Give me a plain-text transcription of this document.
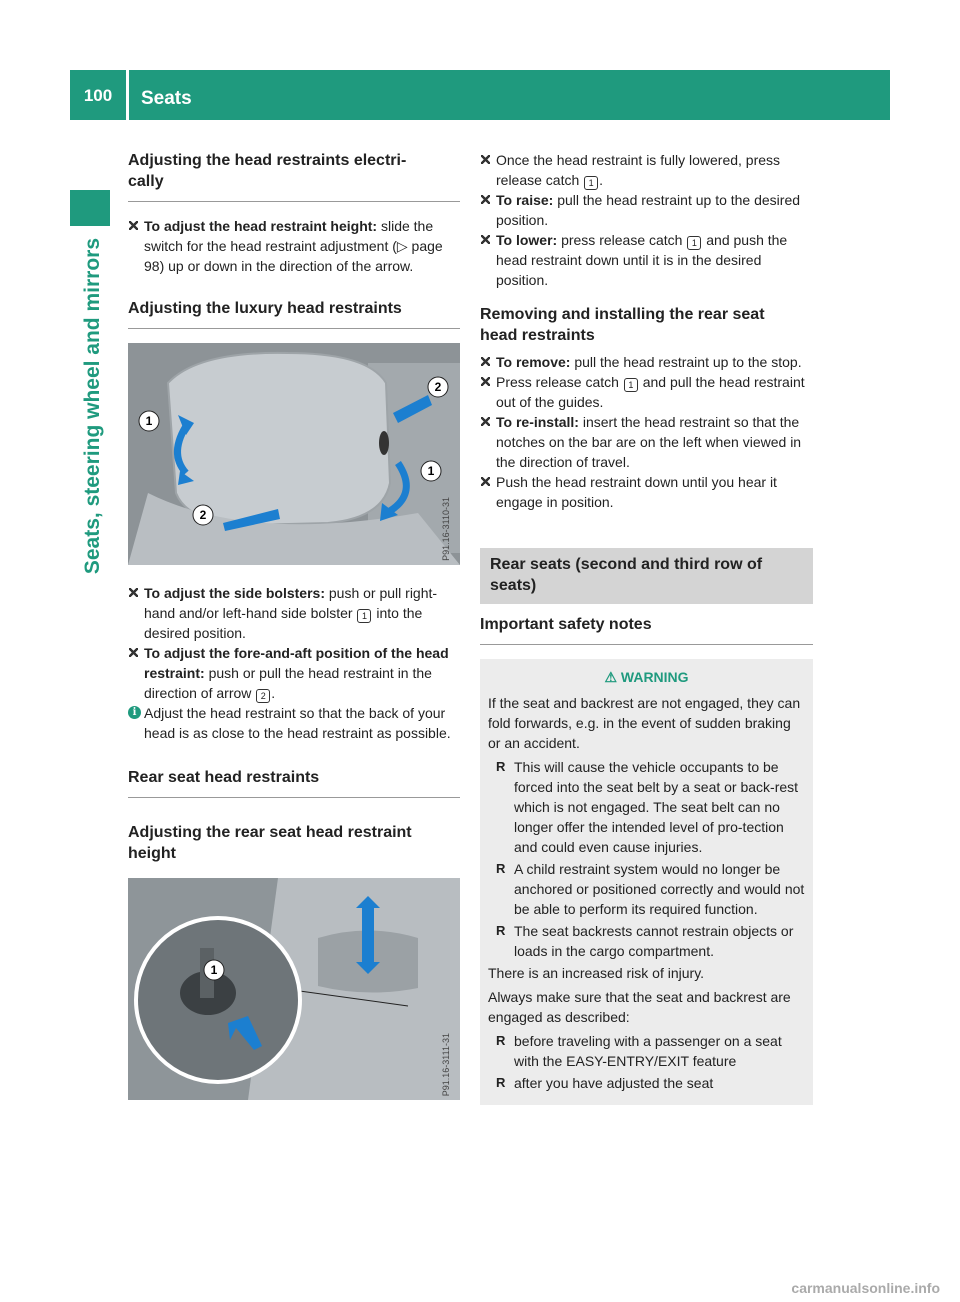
100	Seats
Seats, steering wheel and mirrors
Adjusting the head restraints electri-
cally
To adjust the head restraint height: slide the switch for the head restraint adjustment (▷ page 98) up or down in the direction of the arrow.
Adjusting the luxury head restraints
1
2
1
2	P91.16-3110-31
To adjust the side bolsters: push or pull right-hand and/or left-hand side bolster 1 into the desired position.
To adjust the fore-and-aft position of the head restraint: push or pull the head restraint in the direction of arrow 2 .
i Adjust the head restraint so that the back of your head is as close to the head restraint as possible.
Rear seat head restraints
Adjusting the rear seat head restraint
height
1
P91.16-3111-31
Once the head restraint is fully lowered, press release catch 1 .
To raise: pull the head restraint up to the desired position.
To lower: press release catch 1 and push the head restraint down until it is in the desired position.
Removing and installing the rear seat
head restraints
To remove: pull the head restraint up to the stop.
Press release catch 1 and pull the head restraint out of the guides.
To re-install: insert the head restraint so that the notches on the bar are on the left when viewed in the direction of travel.
Push the head restraint down until you hear it engage in position.
Rear seats (second and third row of seats)
Important safety notes
⚠ WARNING

If the seat and backrest are not engaged, they can fold forwards, e.g. in the event of sudden braking or an accident.

R This will cause the vehicle occupants to be forced into the seat belt by a seat or back-rest which is not engaged. The seat belt can no longer offer the intended level of pro-tection and could even cause injuries.
R A child restraint system would no longer be anchored or positioned correctly and would not be able to perform its required function.
R The seat backrests cannot restrain objects or loads in the cargo compartment.

There is an increased risk of injury.

Always make sure that the seat and backrest are engaged as described:

R before traveling with a passenger on a seat with the EASY-ENTRY/EXIT feature
R after you have adjusted the seat
carmanualsonline.info
